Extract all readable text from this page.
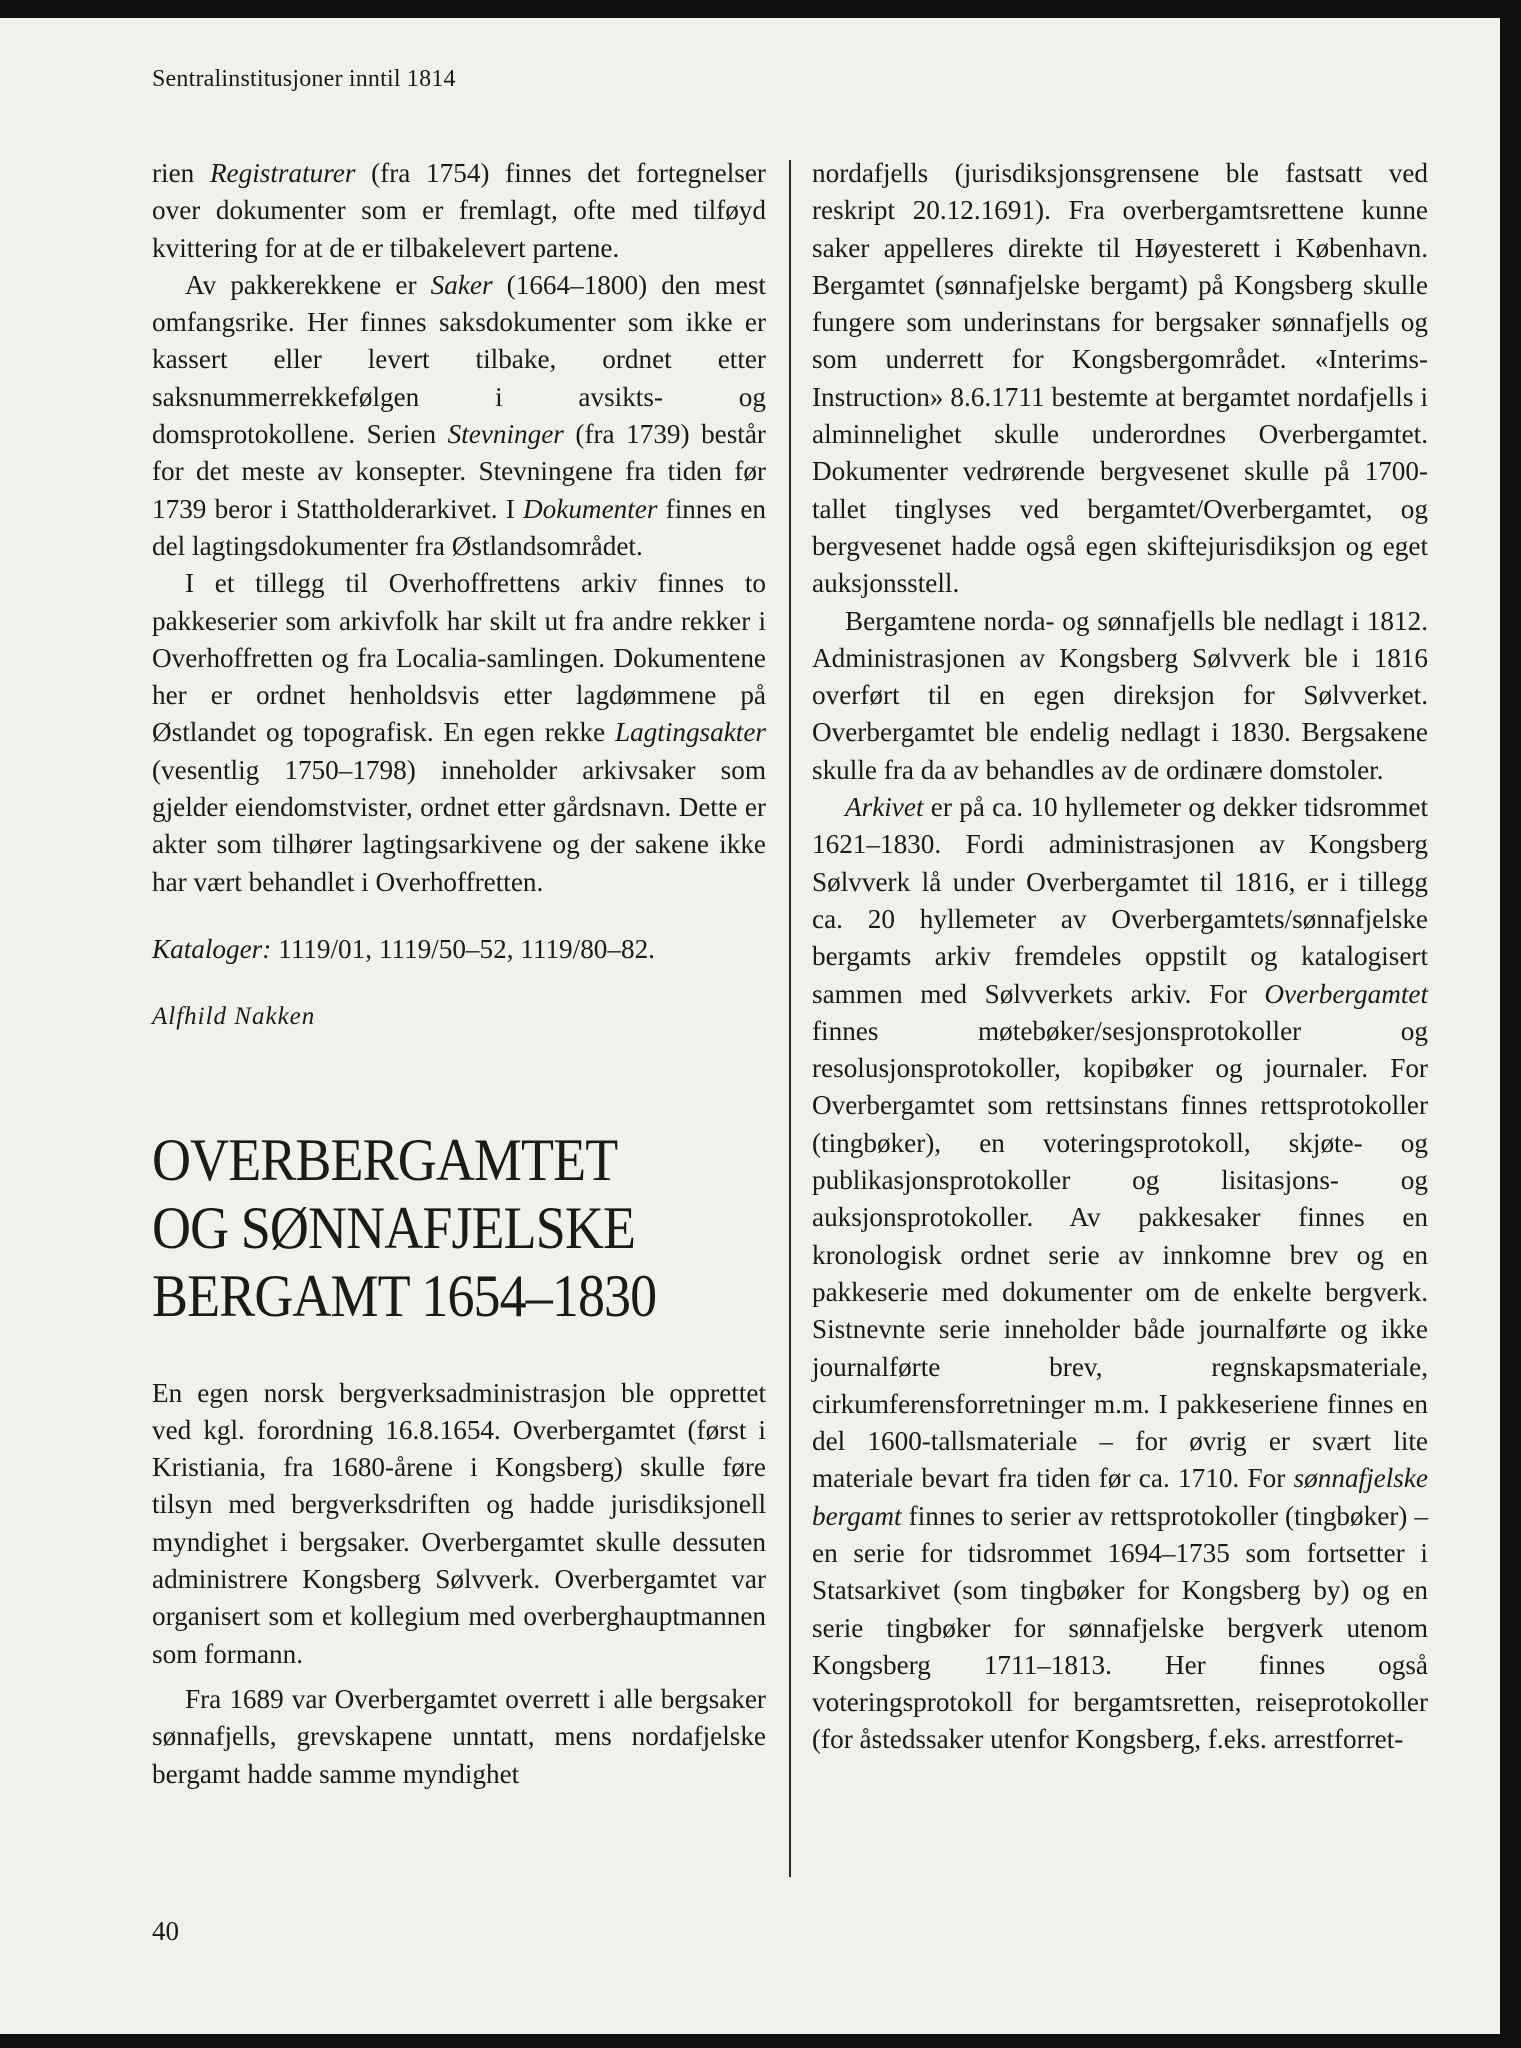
Sentralinstitusjoner inntil 1814

rien Registraturer (fra 1754) finnes det fortegnelser over dokumenter som er fremlagt, ofte med tilføyd kvittering for at de er tilbakelevert partene.

Av pakkerekkene er Saker (1664–1800) den mest omfangsrike. Her finnes saksdokumenter som ikke er kassert eller levert tilbake, ordnet etter saksnummerrekkefølgen i avsikts- og domsprotokollene. Serien Stevninger (fra 1739) består for det meste av konsepter. Stevningene fra tiden før 1739 beror i Stattholderarkivet. I Dokumenter finnes en del lagtingsdokumenter fra Østlandsområdet.

I et tillegg til Overhoffrettens arkiv finnes to pakkeserier som arkivfolk har skilt ut fra andre rekker i Overhoffretten og fra Localia-samlingen. Dokumentene her er ordnet henholdsvis etter lagdømmene på Østlandet og topografisk. En egen rekke Lagtingsakter (vesentlig 1750–1798) inneholder arkivsaker som gjelder eiendomstvister, ordnet etter gårdsnavn. Dette er akter som tilhører lagtingsarkivene og der sakene ikke har vært behandlet i Overhoffretten.

Kataloger: 1119/01, 1119/50–52, 1119/80–82.

Alfhild Nakken

OVERBERGAMTET
OG SØNNAFJELSKE
BERGAMT 1654–1830

En egen norsk bergverksadministrasjon ble opprettet ved kgl. forordning 16.8.1654. Overbergamtet (først i Kristiania, fra 1680-årene i Kongsberg) skulle føre tilsyn med bergverksdriften og hadde jurisdiksjonell myndighet i bergsaker. Overbergamtet skulle dessuten administrere Kongsberg Sølvverk. Overbergamtet var organisert som et kollegium med overberghauptmannen som formann.

Fra 1689 var Overbergamtet overrett i alle bergsaker sønnafjells, grevskapene unntatt, mens nordafjelske bergamt hadde samme myndighet

nordafjells (jurisdiksjonsgrensene ble fastsatt ved reskript 20.12.1691). Fra overbergamtsrettene kunne saker appelleres direkte til Høyesterett i København. Bergamtet (sønnafjelske bergamt) på Kongsberg skulle fungere som underinstans for bergsaker sønnafjells og som underrett for Kongsbergområdet. «Interims-Instruction» 8.6.1711 bestemte at bergamtet nordafjells i alminnelighet skulle underordnes Overbergamtet. Dokumenter vedrørende bergvesenet skulle på 1700-tallet tinglyses ved bergamtet/Overbergamtet, og bergvesenet hadde også egen skiftejurisdiksjon og eget auksjonsstell.

Bergamtene norda- og sønnafjells ble nedlagt i 1812. Administrasjonen av Kongsberg Sølvverk ble i 1816 overført til en egen direksjon for Sølvverket. Overbergamtet ble endelig nedlagt i 1830. Bergsakene skulle fra da av behandles av de ordinære domstoler.

Arkivet er på ca. 10 hyllemeter og dekker tidsrommet 1621–1830. Fordi administrasjonen av Kongsberg Sølvverk lå under Overbergamtet til 1816, er i tillegg ca. 20 hyllemeter av Overbergamtets/sønnafjelske bergamts arkiv fremdeles oppstilt og katalogisert sammen med Sølvverkets arkiv. For Overbergamtet finnes møtebøker/sesjonsprotokoller og resolusjonsprotokoller, kopibøker og journaler. For Overbergamtet som rettsinstans finnes rettsprotokoller (tingbøker), en voteringsprotokoll, skjøte- og publikasjonsprotokoller og lisitasjons- og auksjonsprotokoller. Av pakkesaker finnes en kronologisk ordnet serie av innkomne brev og en pakkeserie med dokumenter om de enkelte bergverk. Sistnevnte serie inneholder både journalførte og ikke journalførte brev, regnskapsmateriale, cirkumferensforretninger m.m. I pakkeseriene finnes en del 1600-tallsmateriale – for øvrig er svært lite materiale bevart fra tiden før ca. 1710. For sønnafjelske bergamt finnes to serier av rettsprotokoller (tingbøker) – en serie for tidsrommet 1694–1735 som fortsetter i Statsarkivet (som tingbøker for Kongsberg by) og en serie tingbøker for sønnafjelske bergverk utenom Kongsberg 1711–1813. Her finnes også voteringsprotokoll for bergamtsretten, reiseprotokoller (for åstedssaker utenfor Kongsberg, f.eks. arrestforret-

40
